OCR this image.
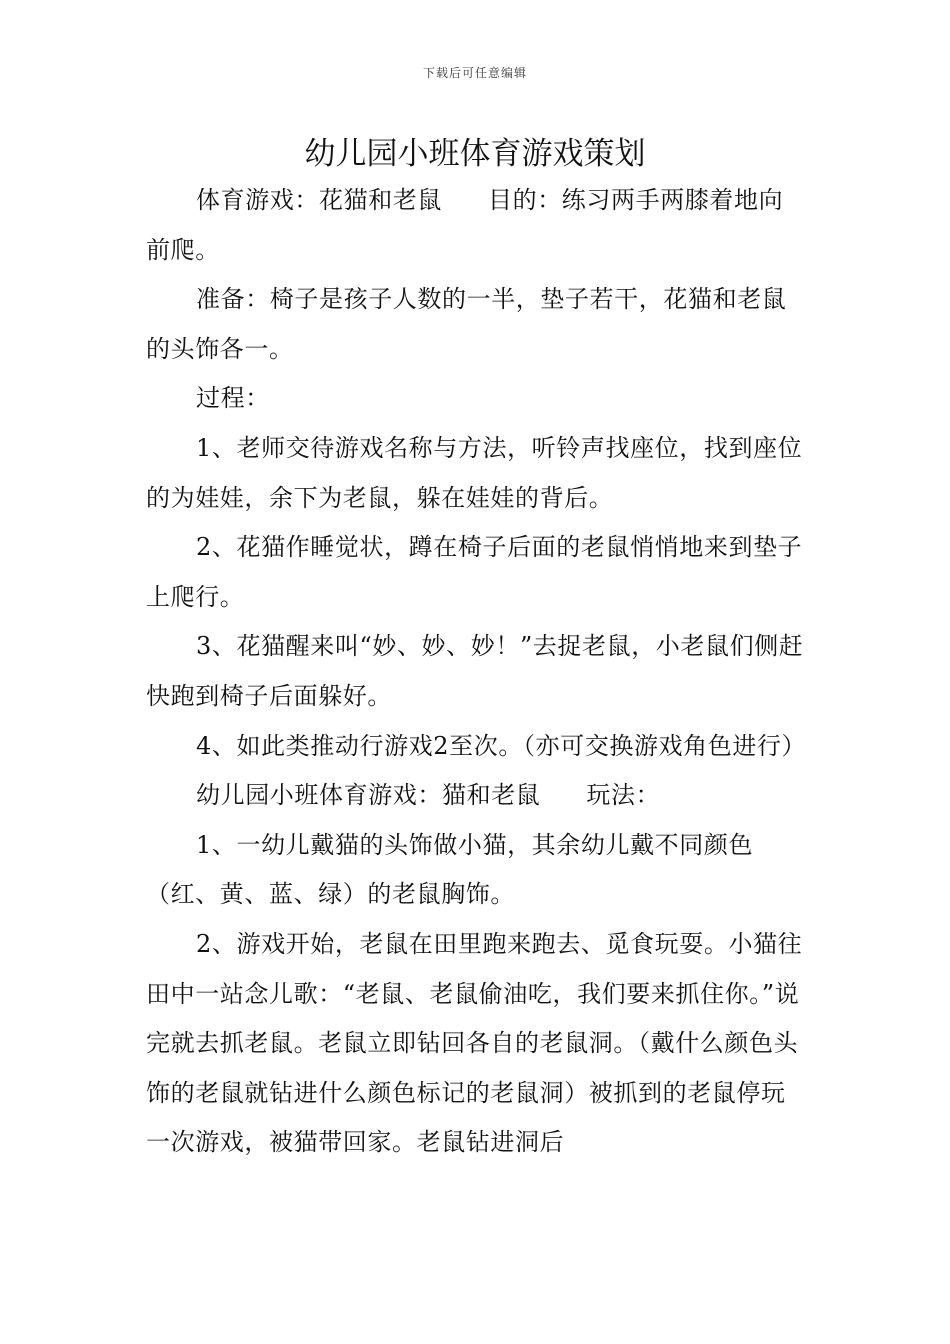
下载后可任意编辑
幼儿园小班体育游戏策划

体育游戏：花猫和老鼠 目的：练习两手两膝着地向前爬。

准备：椅子是孩子人数的一半，垫子若干，花猫和老鼠的头饰各一。

过程：

1、老师交待游戏名称与方法，听铃声找座位，找到座位的为娃娃，余下为老鼠，躲在娃娃的背后。

2、花猫作睡觉状，蹲在椅子后面的老鼠悄悄地来到垫子上爬行。

3、花猫醒来叫“妙、妙、妙！”去捉老鼠，小老鼠们侧赶快跑到椅子后面躲好。

4、如此类推动行游戏2至次。（亦可交换游戏角色进行）

幼儿园小班体育游戏：猫和老鼠 玩法：

1、一幼儿戴猫的头饰做小猫，其余幼儿戴不同颜色（红、黄、蓝、绿）的老鼠胸饰。

2、游戏开始，老鼠在田里跑来跑去、觅食玩耍。小猫往田中一站念儿歌：“老鼠、老鼠偷油吃，我们要来抓住你。”说完就去抓老鼠。老鼠立即钻回各自的老鼠洞。（戴什么颜色头饰的老鼠就钻进什么颜色标记的老鼠洞）被抓到的老鼠停玩一次游戏，被猫带回家。老鼠钻进洞后
